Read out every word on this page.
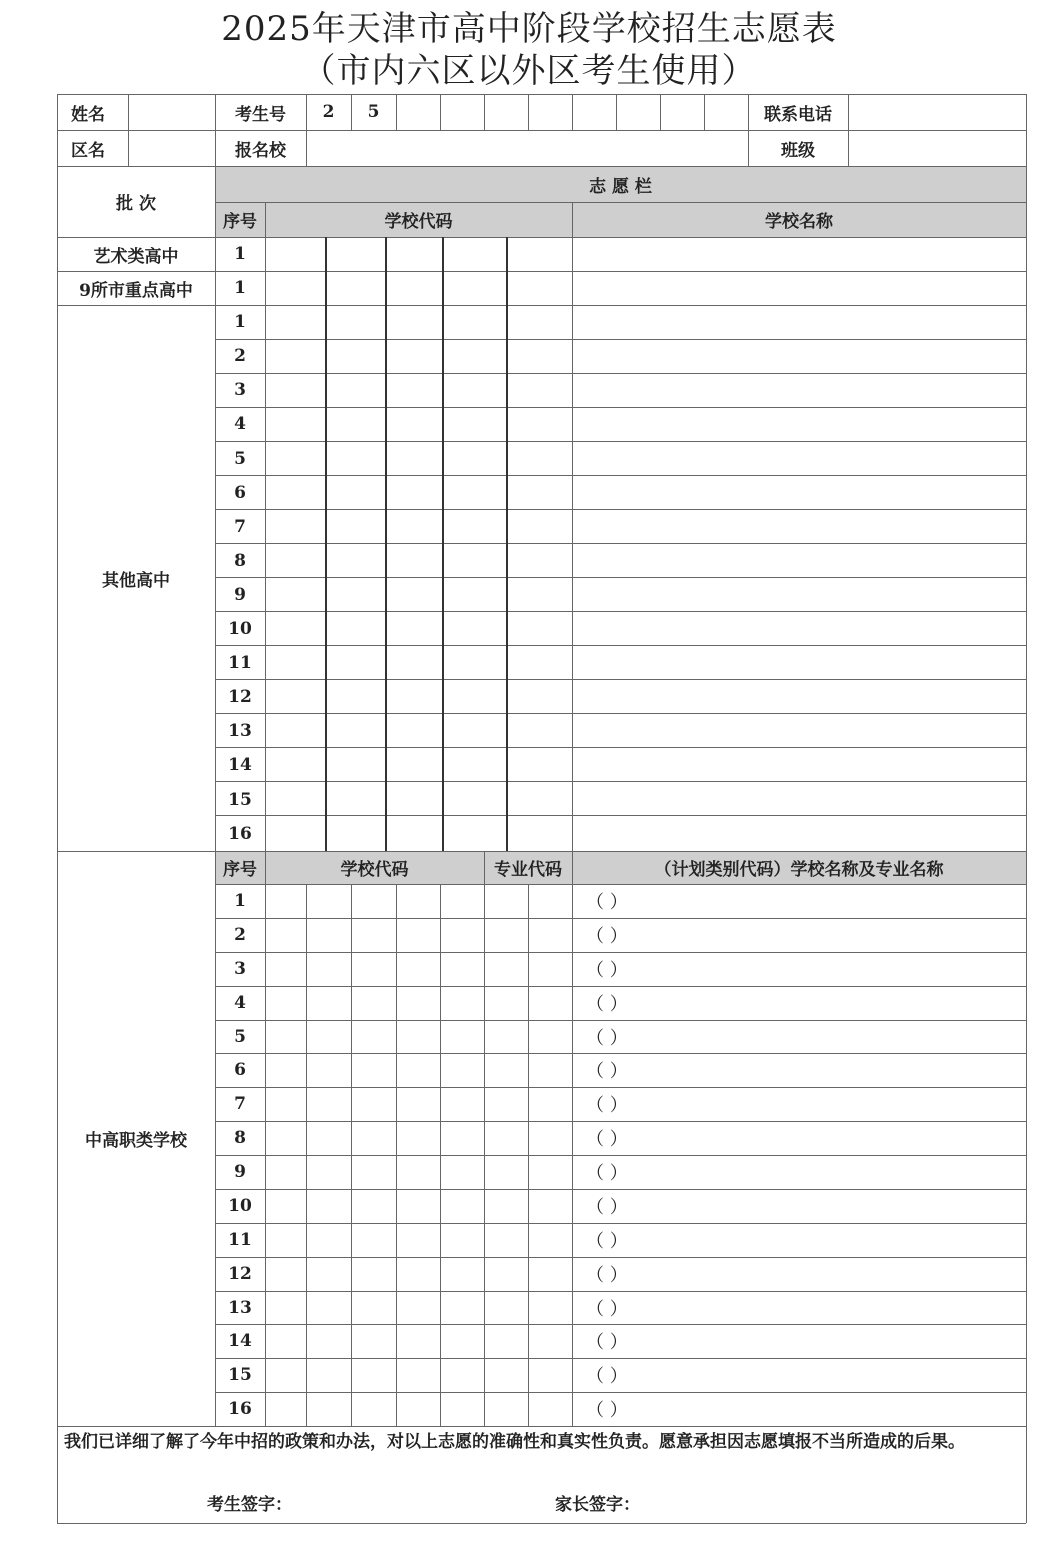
2025年天津市高中阶段学校招生志愿表
（市内六区以外区考生使用）
姓名	考生号	2	5	联系电话
区名	报名校	班级
批 次
志 愿 栏
序号	学校代码	学校名称
艺术类高中	1
9所市重点高中	1
其他高中
1
2
3
4
5
6
7
8
9
10
11
12
13
14
15
16
序号	学校代码	专业代码	（计划类别代码）学校名称及专业名称
中高职类学校
1	（ ）
2	（ ）
3	（ ）
4	（ ）
5	（ ）
6	（ ）
7	（ ）
8	（ ）
9	（ ）
10	（ ）
11	（ ）
12	（ ）
13	（ ）
14	（ ）
15	（ ）
16	（ ）
我们已详细了解了今年中招的政策和办法，对以上志愿的准确性和真实性负责。愿意承担因志愿填报不当所造成的后果。
考生签字：	家长签字：
